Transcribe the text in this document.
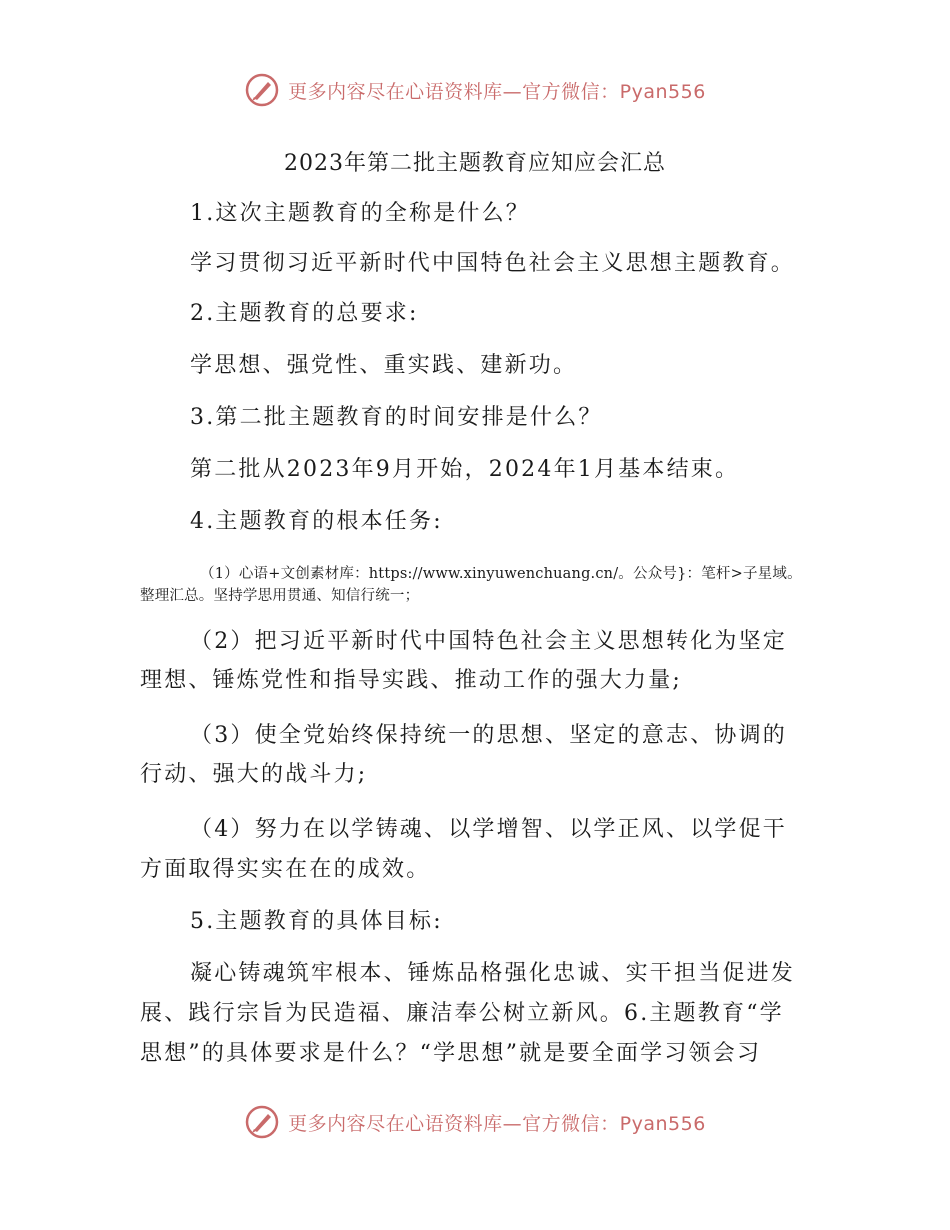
更多内容尽在心语资料库—官方微信：Pyan556
2023年第二批主题教育应知应会汇总

1.这次主题教育的全称是什么？

学习贯彻习近平新时代中国特色社会主义思想主题教育。

2.主题教育的总要求:

学思想、强党性、重实践、建新功。

3.第二批主题教育的时间安排是什么？

第二批从2023年9月开始，2024年1月基本结束。

4.主题教育的根本任务:

（1）心语+文创素材库：https://www.xinyuwenchuang.cn/。公众号}：笔杆>子星域。

整理汇总。坚持学思用贯通、知信行统一；

（2）把习近平新时代中国特色社会主义思想转化为坚定

理想、锤炼党性和指导实践、推动工作的强大力量;

（3）使全党始终保持统一的思想、坚定的意志、协调的

行动、强大的战斗力;

（4）努力在以学铸魂、以学增智、以学正风、以学促干

方面取得实实在在的成效。

5.主题教育的具体目标:

凝心铸魂筑牢根本、锤炼品格强化忠诚、实干担当促进发

展、践行宗旨为民造福、廉洁奉公树立新风。6.主题教育“学

思想”的具体要求是什么？“学思想”就是要全面学习领会习

更多内容尽在心语资料库—官方微信：Pyan556
